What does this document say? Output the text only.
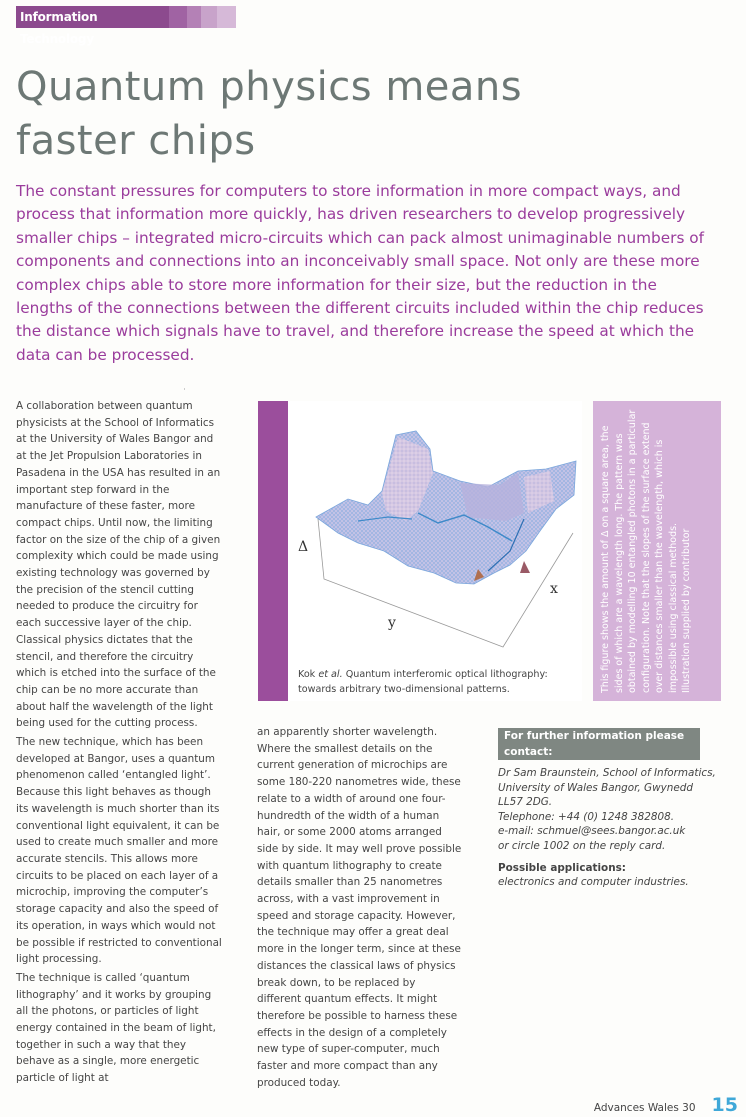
Information Technology
Quantum physics means
faster chips

The constant pressures for computers to store information in more compact ways, and process that information more quickly, has driven researchers to develop progressively smaller chips – integrated micro-circuits which can pack almost unimaginable numbers of components and connections into an inconceivably small space. Not only are these more complex chips able to store more information for their size, but the reduction in the lengths of the connections between the different circuits included within the chip reduces the distance which signals have to travel, and therefore increase the speed at which the data can be processed.

A collaboration between quantum physicists at the School of Informatics at the University of Wales Bangor and at the Jet Propulsion Laboratories in Pasadena in the USA has resulted in an important step forward in the manufacture of these faster, more compact chips. Until now, the limiting factor on the size of the chip of a given complexity which could be made using existing technology was governed by the precision of the stencil cutting needed to produce the circuitry for each successive layer of the chip. Classical physics dictates that the stencil, and therefore the circuitry which is etched into the surface of the chip can be no more accurate than about half the wavelength of the light being used for the cutting process.

The new technique, which has been developed at Bangor, uses a quantum phenomenon called ‘entangled light’. Because this light behaves as though its wavelength is much shorter than its conventional light equivalent, it can be used to create much smaller and more accurate stencils. This allows more circuits to be placed on each layer of a microchip, improving the computer’s storage capacity and also the speed of its operation, in ways which would not be possible if restricted to conventional light processing.

The technique is called ‘quantum lithography’ and it works by grouping all the photons, or particles of light energy contained in the beam of light, together in such a way that they behave as a single, more energetic particle of light at

Δ
x
y
Kok et al. Quantum interferomic optical lithography:
towards arbitrary two-dimensional patterns.	This figure shows the amount of Δ on a square area, the sides of which are a wavelength long. The pattern was obtained by modelling 10 entangled photons in a particular configuration. Note that the slopes of the surface extend over distances smaller than the wavelength, which is impossible using classical methods. Illustration supplied by contributor

an apparently shorter wavelength. Where the smallest details on the current generation of microchips are some 180-220 nanometres wide, these relate to a width of around one four-hundredth of the width of a human hair, or some 2000 atoms arranged side by side. It may well prove possible with quantum lithography to create details smaller than 25 nanometres across, with a vast improvement in speed and storage capacity. However, the technique may offer a great deal more in the longer term, since at these distances the classical laws of physics break down, to be replaced by different quantum effects. It might therefore be possible to harness these effects in the design of a completely new type of super-computer, much faster and more compact than any produced today.

For further information please contact:
Dr Sam Braunstein, School of Informatics,
University of Wales Bangor, Gwynedd
LL57 2DG.
Telephone: +44 (0) 1248 382808.
e-mail: schmuel@sees.bangor.ac.uk
or circle 1002 on the reply card.
Possible applications:
electronics and computer industries.
Advances Wales 30 15
